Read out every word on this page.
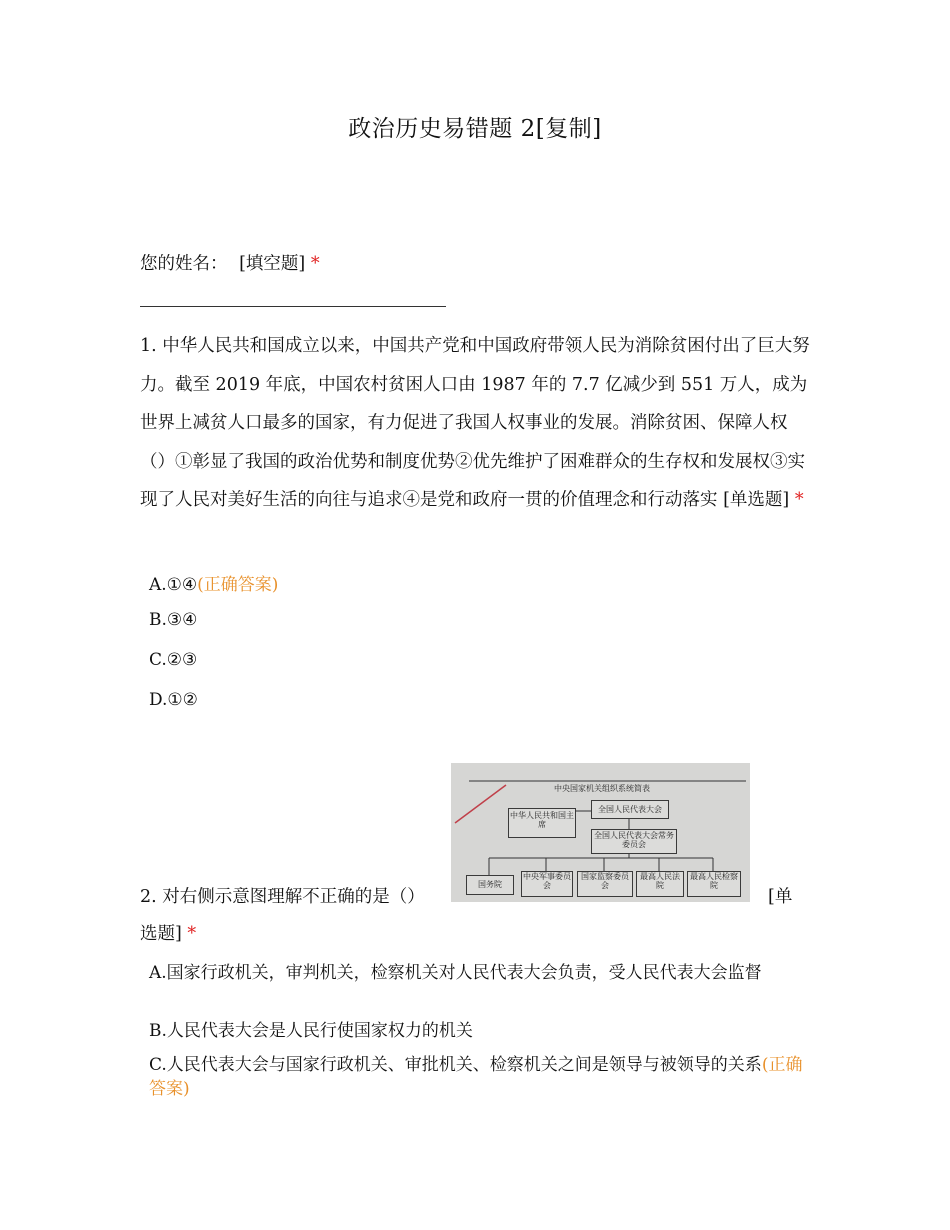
政治历史易错题 2[复制]
您的姓名： [填空题] *
1. 中华人民共和国成立以来，中国共产党和中国政府带领人民为消除贫困付出了巨大努力。截至 2019 年底，中国农村贫困人口由 1987 年的 7.7 亿减少到 551 万人，成为世界上减贫人口最多的国家，有力促进了我国人权事业的发展。消除贫困、保障人权（）①彰显了我国的政治优势和制度优势②优先维护了困难群众的生存权和发展权③实现了人民对美好生活的向往与追求④是党和政府一贯的价值理念和行动落实 [单选题] *
A.①④(正确答案)
B.③④
C.②③
D.①②
2. 对右侧示意图理解不正确的是（）	[单
选题] *
中央国家机关组织系统简表
全国人民代表大会
中华人民共和国主席
全国人民代表大会常务委员会
国务院
中央军事委员会
国家监察委员会
最高人民法院
最高人民检察院
A.国家行政机关，审判机关，检察机关对人民代表大会负责，受人民代表大会监督
B.人民代表大会是人民行使国家权力的机关
C.人民代表大会与国家行政机关、审批机关、检察机关之间是领导与被领导的关系(正确答案)
